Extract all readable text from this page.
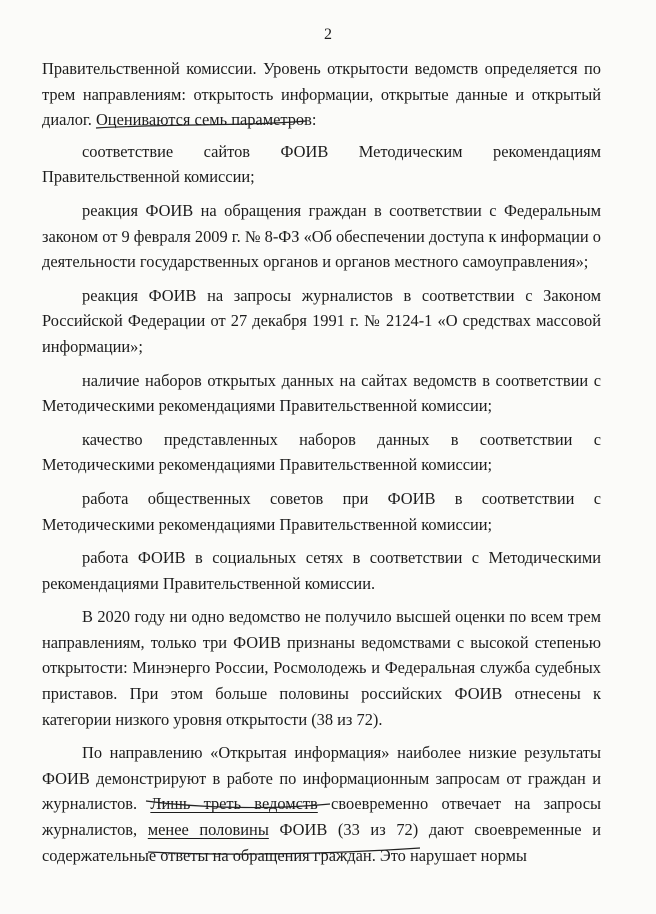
2

Правительственной комиссии. Уровень открытости ведомств определяется по трем направлениям: открытость информации, открытые данные и открытый диалог. Оцениваются семь параметров:

соответствие сайтов ФОИВ Методическим рекомендациям Правительственной комиссии;

реакция ФОИВ на обращения граждан в соответствии с Федеральным законом от 9 февраля 2009 г. № 8-ФЗ «Об обеспечении доступа к информации о деятельности государственных органов и органов местного самоуправления»;

реакция ФОИВ на запросы журналистов в соответствии с Законом Российской Федерации от 27 декабря 1991 г. № 2124-1 «О средствах массовой информации»;

наличие наборов открытых данных на сайтах ведомств в соответствии с Методическими рекомендациями Правительственной комиссии;

качество представленных наборов данных в соответствии с Методическими рекомендациями Правительственной комиссии;

работа общественных советов при ФОИВ в соответствии с Методическими рекомендациями Правительственной комиссии;

работа ФОИВ в социальных сетях в соответствии с Методическими рекомендациями Правительственной комиссии.

В 2020 году ни одно ведомство не получило высшей оценки по всем трем направлениям, только три ФОИВ признаны ведомствами с высокой степенью открытости: Минэнерго России, Росмолодежь и Федеральная служба судебных приставов. При этом больше половины российских ФОИВ отнесены к категории низкого уровня открытости (38 из 72).

По направлению «Открытая информация» наиболее низкие результаты ФОИВ демонстрируют в работе по информационным запросам от граждан и журналистов. Лишь треть ведомств своевременно отвечает на запросы журналистов, менее половины ФОИВ (33 из 72) дают своевременные и содержательные ответы на обращения граждан. Это нарушает нормы
